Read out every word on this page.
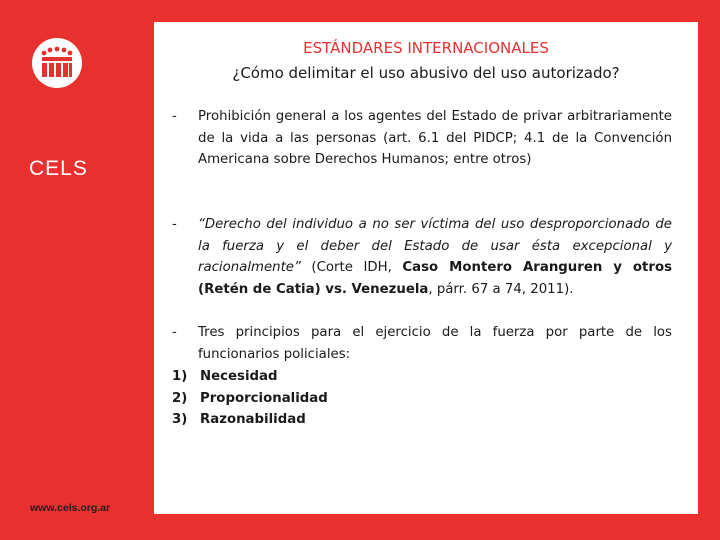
CELS
www.cels.org.ar
ESTÁNDARES INTERNACIONALES
¿Cómo delimitar el uso abusivo del uso autorizado?
- Prohibición general a los agentes del Estado de privar arbitrariamente de la vida a las personas (art. 6.1 del PIDCP; 4.1 de la Convención Americana sobre Derechos Humanos; entre otros)
- “Derecho del individuo a no ser víctima del uso desproporcionado de la fuerza y el deber del Estado de usar ésta excepcional y racionalmente” (Corte IDH, Caso Montero Aranguren y otros (Retén de Catia) vs. Venezuela, párr. 67 a 74, 2011).
- Tres principios para el ejercicio de la fuerza por parte de los funcionarios policiales:
1) Necesidad
2) Proporcionalidad
3) Razonabilidad
